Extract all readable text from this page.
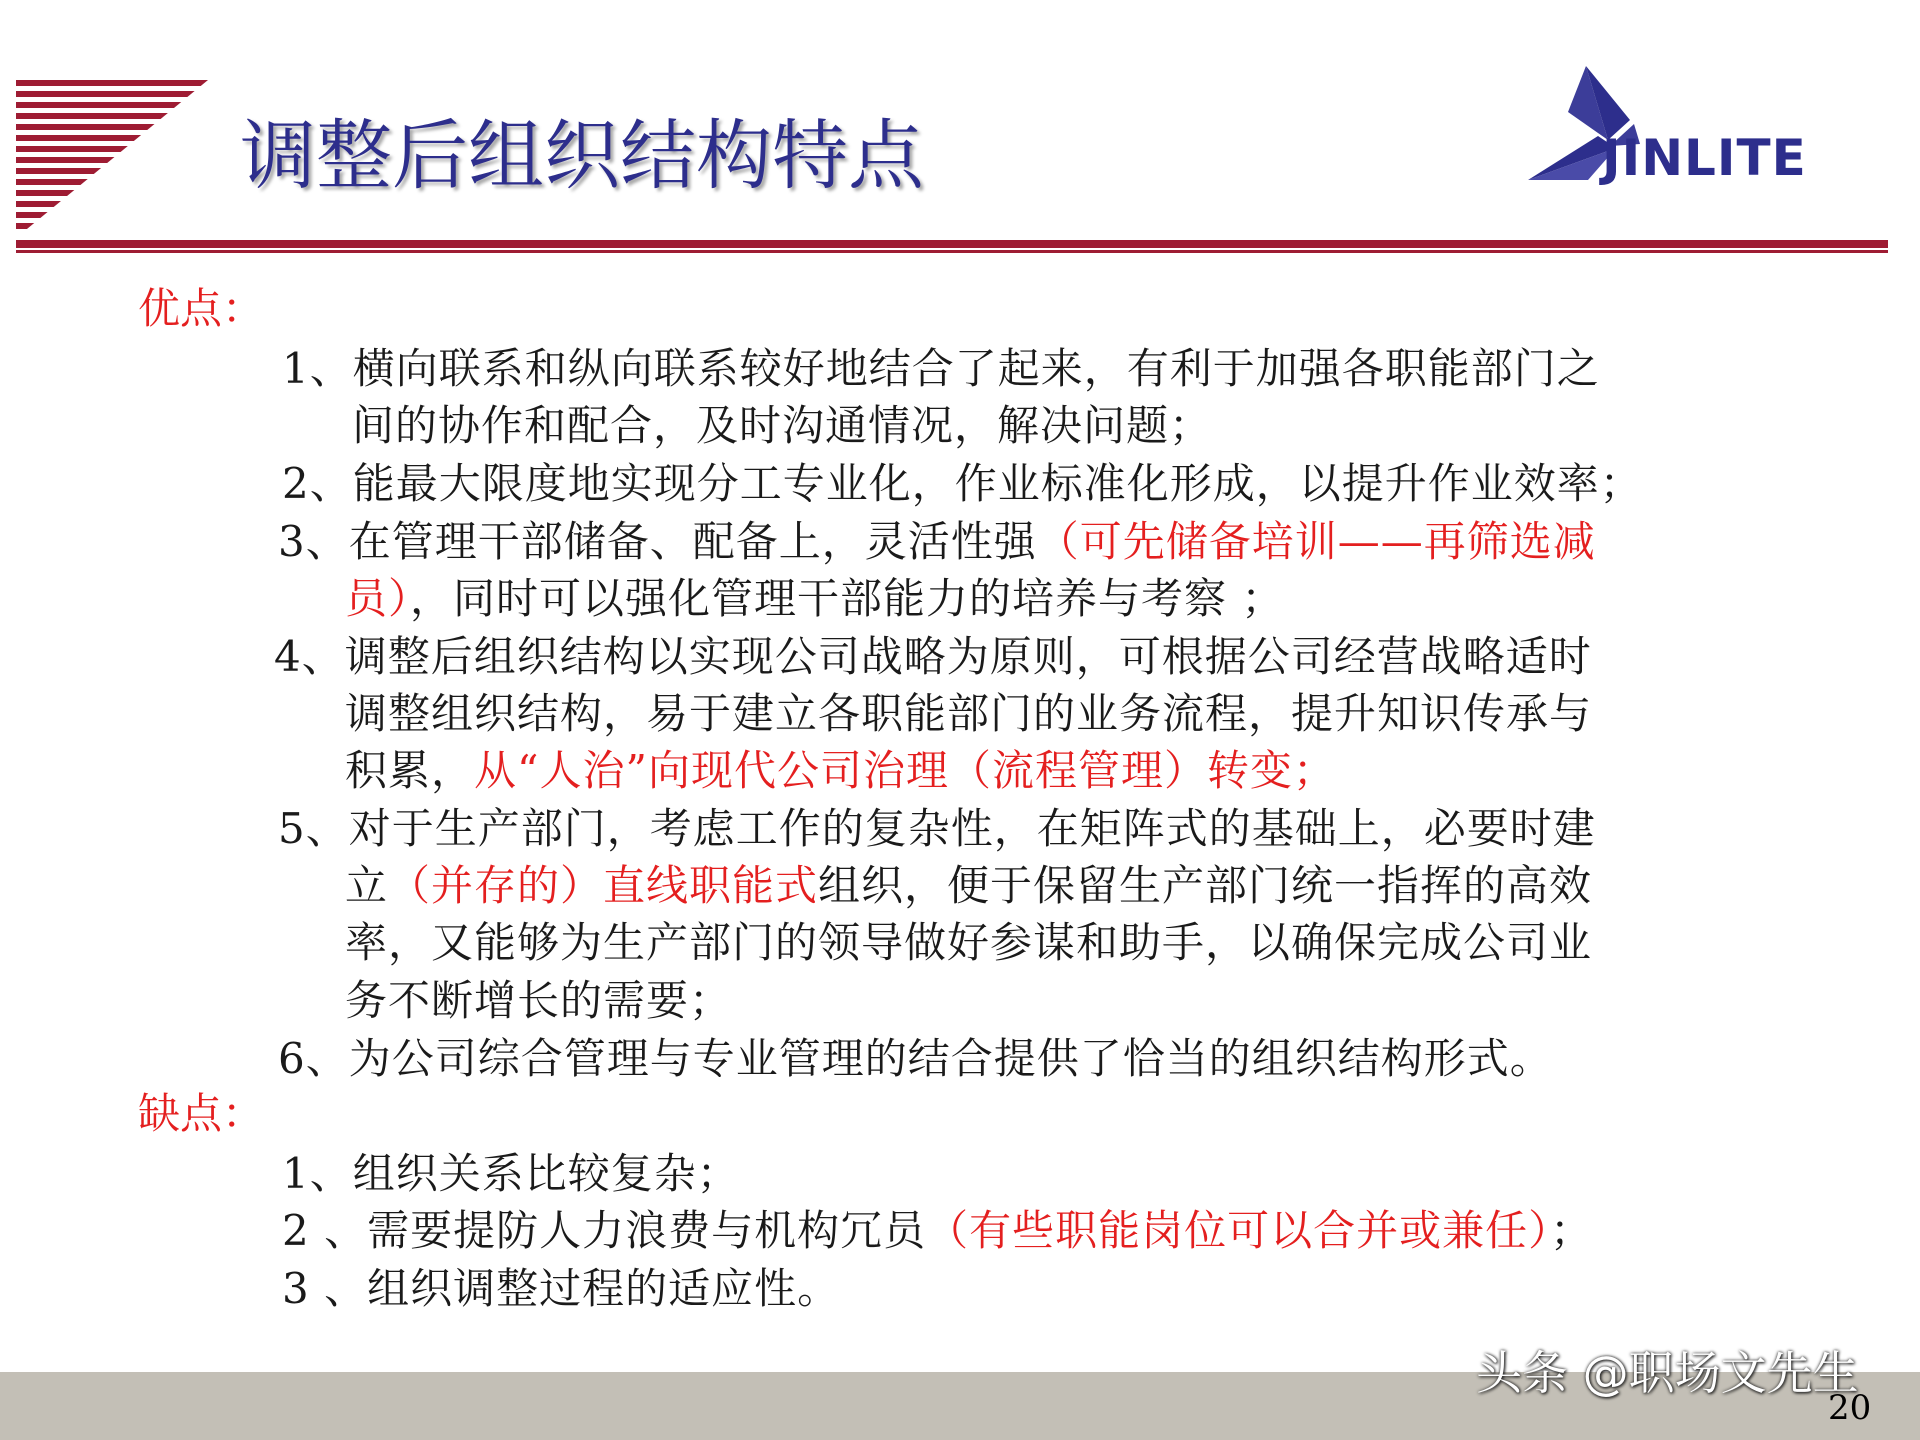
调整后组织结构特点	JINLITE
优点：
1、横向联系和纵向联系较好地结合了起来，有利于加强各职能部门之
间的协作和配合，及时沟通情况，解决问题；
2、能最大限度地实现分工专业化，作业标准化形成，以提升作业效率；
3、在管理干部储备、配备上，灵活性强（可先储备培训——再筛选减
员），同时可以强化管理干部能力的培养与考察 ；
4、调整后组织结构以实现公司战略为原则，可根据公司经营战略适时
调整组织结构，易于建立各职能部门的业务流程，提升知识传承与
积累，从“人治”向现代公司治理（流程管理）转变；
5、对于生产部门，考虑工作的复杂性，在矩阵式的基础上，必要时建
立（并存的）直线职能式组织，便于保留生产部门统一指挥的高效
率，又能够为生产部门的领导做好参谋和助手，以确保完成公司业
务不断增长的需要；
6、为公司综合管理与专业管理的结合提供了恰当的组织结构形式。
缺点：
1、组织关系比较复杂；
2 、需要提防人力浪费与机构冗员（有些职能岗位可以合并或兼任）；
3 、组织调整过程的适应性。
头条 @职场文先生
20
